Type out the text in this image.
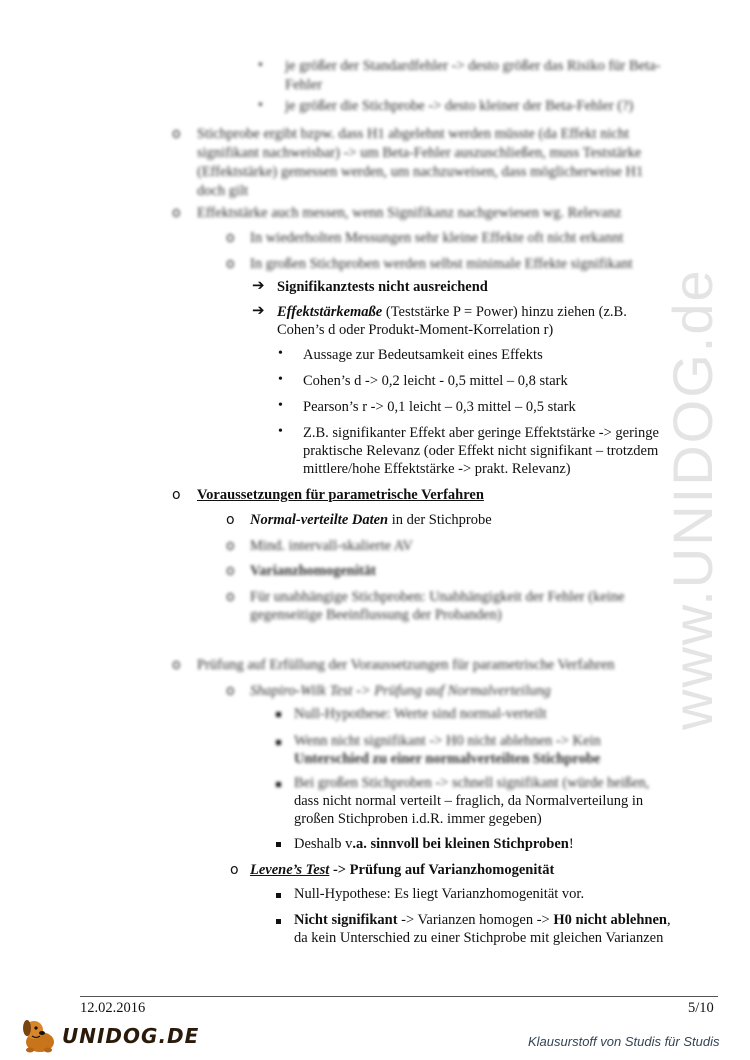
• je größer der Standardfehler -> desto größer das Risiko für Beta-
Fehler
• je größer die Stichprobe -> desto kleiner der Beta-Fehler (?)
o Stichprobe ergibt bzpw. dass H1 abgelehnt werden müsste (da Effekt nicht
signifikant nachweisbar) -> um Beta-Fehler auszuschließen, muss Teststärke
(Effektstärke) gemessen werden, um nachzuweisen, dass möglicherweise H1
doch gilt
o Effektstärke auch messen, wenn Signifikanz nachgewiesen wg. Relevanz
o In wiederholten Messungen sehr kleine Effekte oft nicht erkannt
o In großen Stichproben werden selbst minimale Effekte signifikant
➔ Signifikanztests nicht ausreichend
➔ Effektstärkemaße (Teststärke P = Power) hinzu ziehen (z.B.
Cohen’s d oder Produkt-Moment-Korrelation r)
• Aussage zur Bedeutsamkeit eines Effekts
• Cohen’s d -> 0,2 leicht - 0,5 mittel – 0,8 stark
• Pearson’s r -> 0,1 leicht – 0,3 mittel – 0,5 stark
• Z.B. signifikanter Effekt aber geringe Effektstärke -> geringe
praktische Relevanz (oder Effekt nicht signifikant – trotzdem
mittlere/hohe Effektstärke -> prakt. Relevanz)
o Voraussetzungen für parametrische Verfahren
o Normal-verteilte Daten in der Stichprobe
o Mind. intervall-skalierte AV
o Varianzhomogenität
o Für unabhängige Stichproben: Unabhängigkeit der Fehler (keine
gegenseitige Beeinflussung der Probanden)
o Prüfung auf Erfüllung der Voraussetzungen für parametrische Verfahren
o Shapiro-Wilk Test -> Prüfung auf Normalverteilung
Null-Hypothese: Werte sind normal-verteilt
Wenn nicht signifikant -> H0 nicht ablehnen -> Kein
Unterschied zu einer normalverteilten Stichprobe
Bei großen Stichproben -> schnell signifikant (würde heißen,
dass nicht normal verteilt – fraglich, da Normalverteilung in
großen Stichproben i.d.R. immer gegeben)
Deshalb v.a. sinnvoll bei kleinen Stichproben!
o Levene’s Test -> Prüfung auf Varianzhomogenität
Null-Hypothese: Es liegt Varianzhomogenität vor.
Nicht signifikant -> Varianzen homogen -> H0 nicht ablehnen,
da kein Unterschied zu einer Stichprobe mit gleichen Varianzen
www.UNIDOG.de
12.02.2016	5/10
UNIDOG.DE	Klausurstoff von Studis für Studis
